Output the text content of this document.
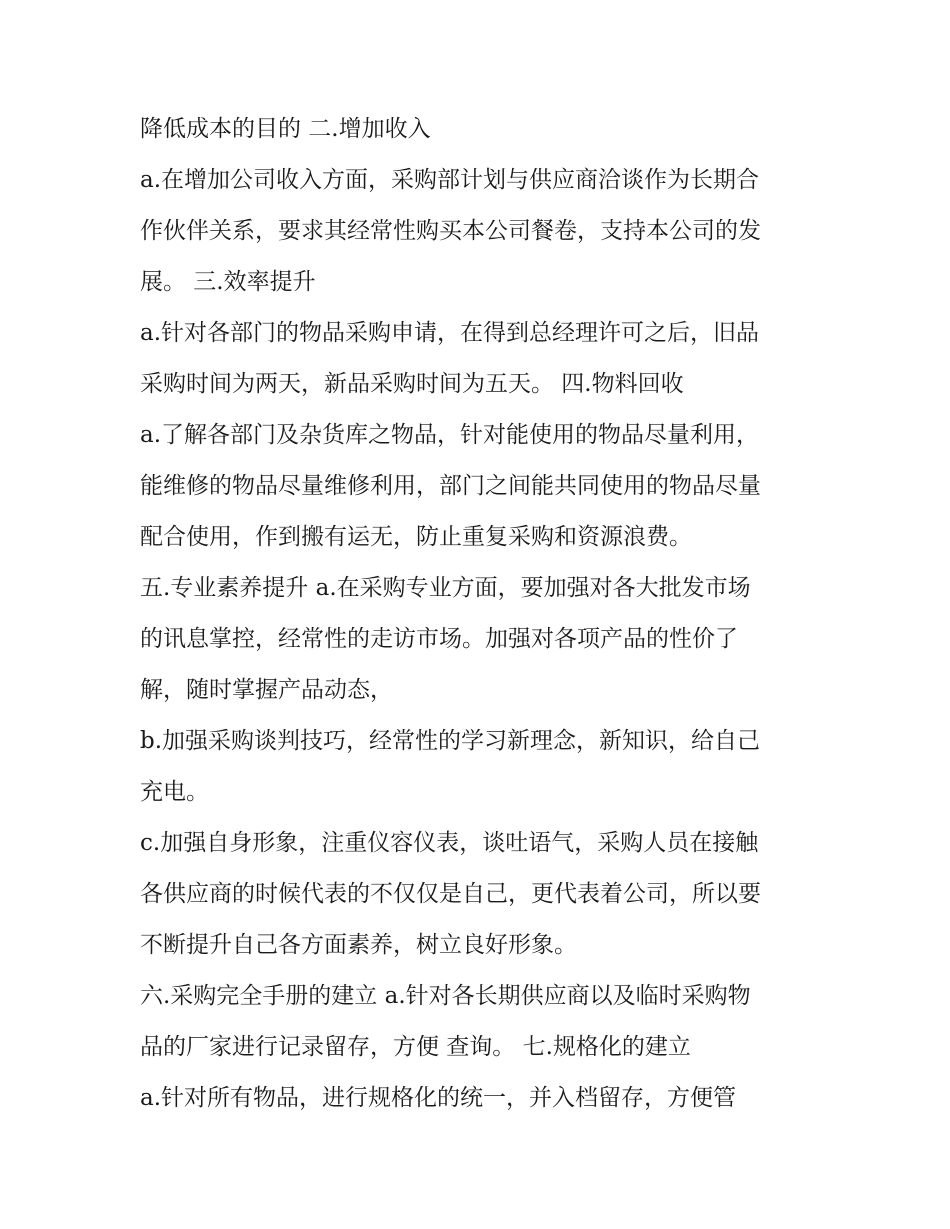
降低成本的目的 二.增加收入
a.在增加公司收入方面，采购部计划与供应商洽谈作为长期合
作伙伴关系，要求其经常性购买本公司餐卷，支持本公司的发
展。 三.效率提升
a.针对各部门的物品采购申请，在得到总经理许可之后，旧品
采购时间为两天，新品采购时间为五天。 四.物料回收
a.了解各部门及杂货库之物品，针对能使用的物品尽量利用，
能维修的物品尽量维修利用，部门之间能共同使用的物品尽量
配合使用，作到搬有运无，防止重复采购和资源浪费。
五.专业素养提升 a.在采购专业方面，要加强对各大批发市场
的讯息掌控，经常性的走访市场。加强对各项产品的性价了
解，随时掌握产品动态，
b.加强采购谈判技巧，经常性的学习新理念，新知识，给自己
充电。
c.加强自身形象，注重仪容仪表，谈吐语气，采购人员在接触
各供应商的时候代表的不仅仅是自己，更代表着公司，所以要
不断提升自己各方面素养，树立良好形象。
六.采购完全手册的建立 a.针对各长期供应商以及临时采购物
品的厂家进行记录留存，方便 查询。 七.规格化的建立
a.针对所有物品，进行规格化的统一，并入档留存，方便管
